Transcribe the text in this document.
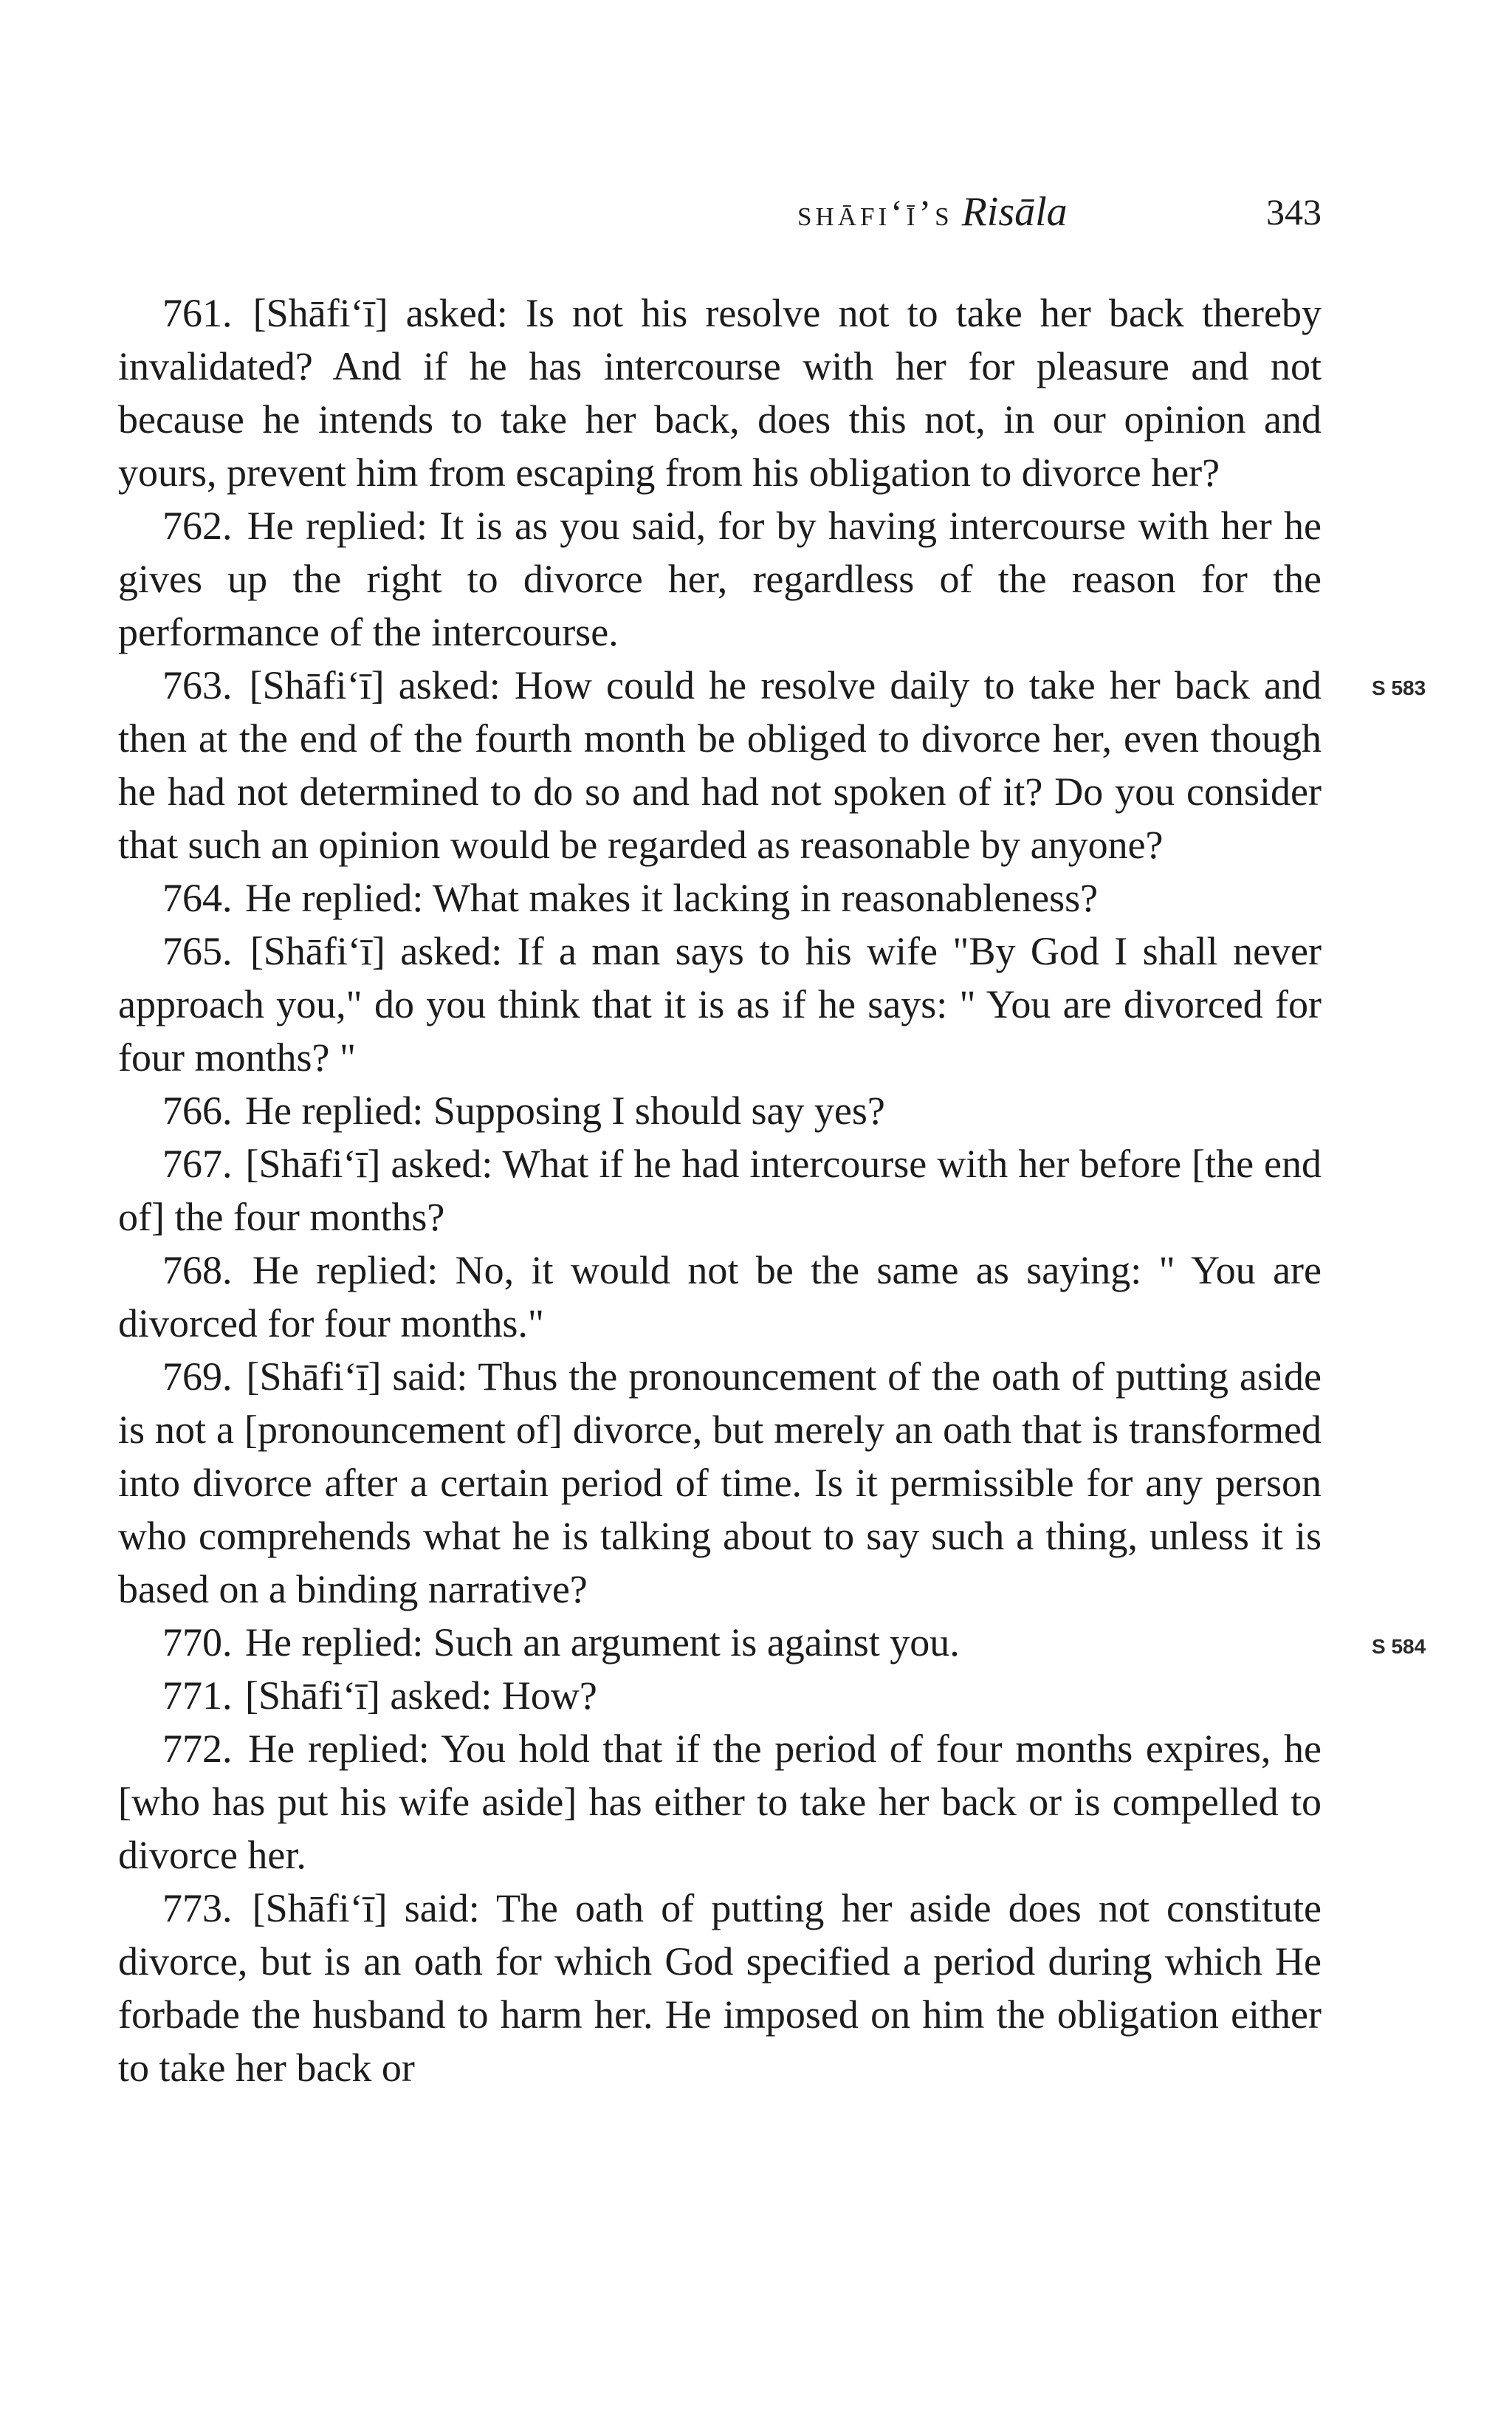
shāfi‘ī’s Risāla	343

761. [Shāfi‘ī] asked: Is not his resolve not to take her back thereby invalidated? And if he has intercourse with her for pleasure and not because he intends to take her back, does this not, in our opinion and yours, prevent him from escaping from his obligation to divorce her?

762. He replied: It is as you said, for by having intercourse with her he gives up the right to divorce her, regardless of the reason for the performance of the intercourse.

763. [Shāfi‘ī] asked: How could he resolve daily to take her back and then at the end of the fourth month be obliged to divorce her, even though he had not determined to do so and had not spoken of it? Do you consider that such an opinion would be regarded as reasonable by anyone?

764. He replied: What makes it lacking in reasonableness?

765. [Shāfi‘ī] asked: If a man says to his wife "By God I shall never approach you," do you think that it is as if he says: " You are divorced for four months? "

766. He replied: Supposing I should say yes?

767. [Shāfi‘ī] asked: What if he had intercourse with her before [the end of] the four months?

768. He replied: No, it would not be the same as saying: " You are divorced for four months."

769. [Shāfi‘ī] said: Thus the pronouncement of the oath of putting aside is not a [pronouncement of] divorce, but merely an oath that is transformed into divorce after a certain period of time. Is it permissible for any person who comprehends what he is talking about to say such a thing, unless it is based on a binding narrative?

770. He replied: Such an argument is against you.

771. [Shāfi‘ī] asked: How?

772. He replied: You hold that if the period of four months expires, he [who has put his wife aside] has either to take her back or is compelled to divorce her.

773. [Shāfi‘ī] said: The oath of putting her aside does not constitute divorce, but is an oath for which God specified a period during which He forbade the husband to harm her. He imposed on him the obligation either to take her back or

S 583
S 584
